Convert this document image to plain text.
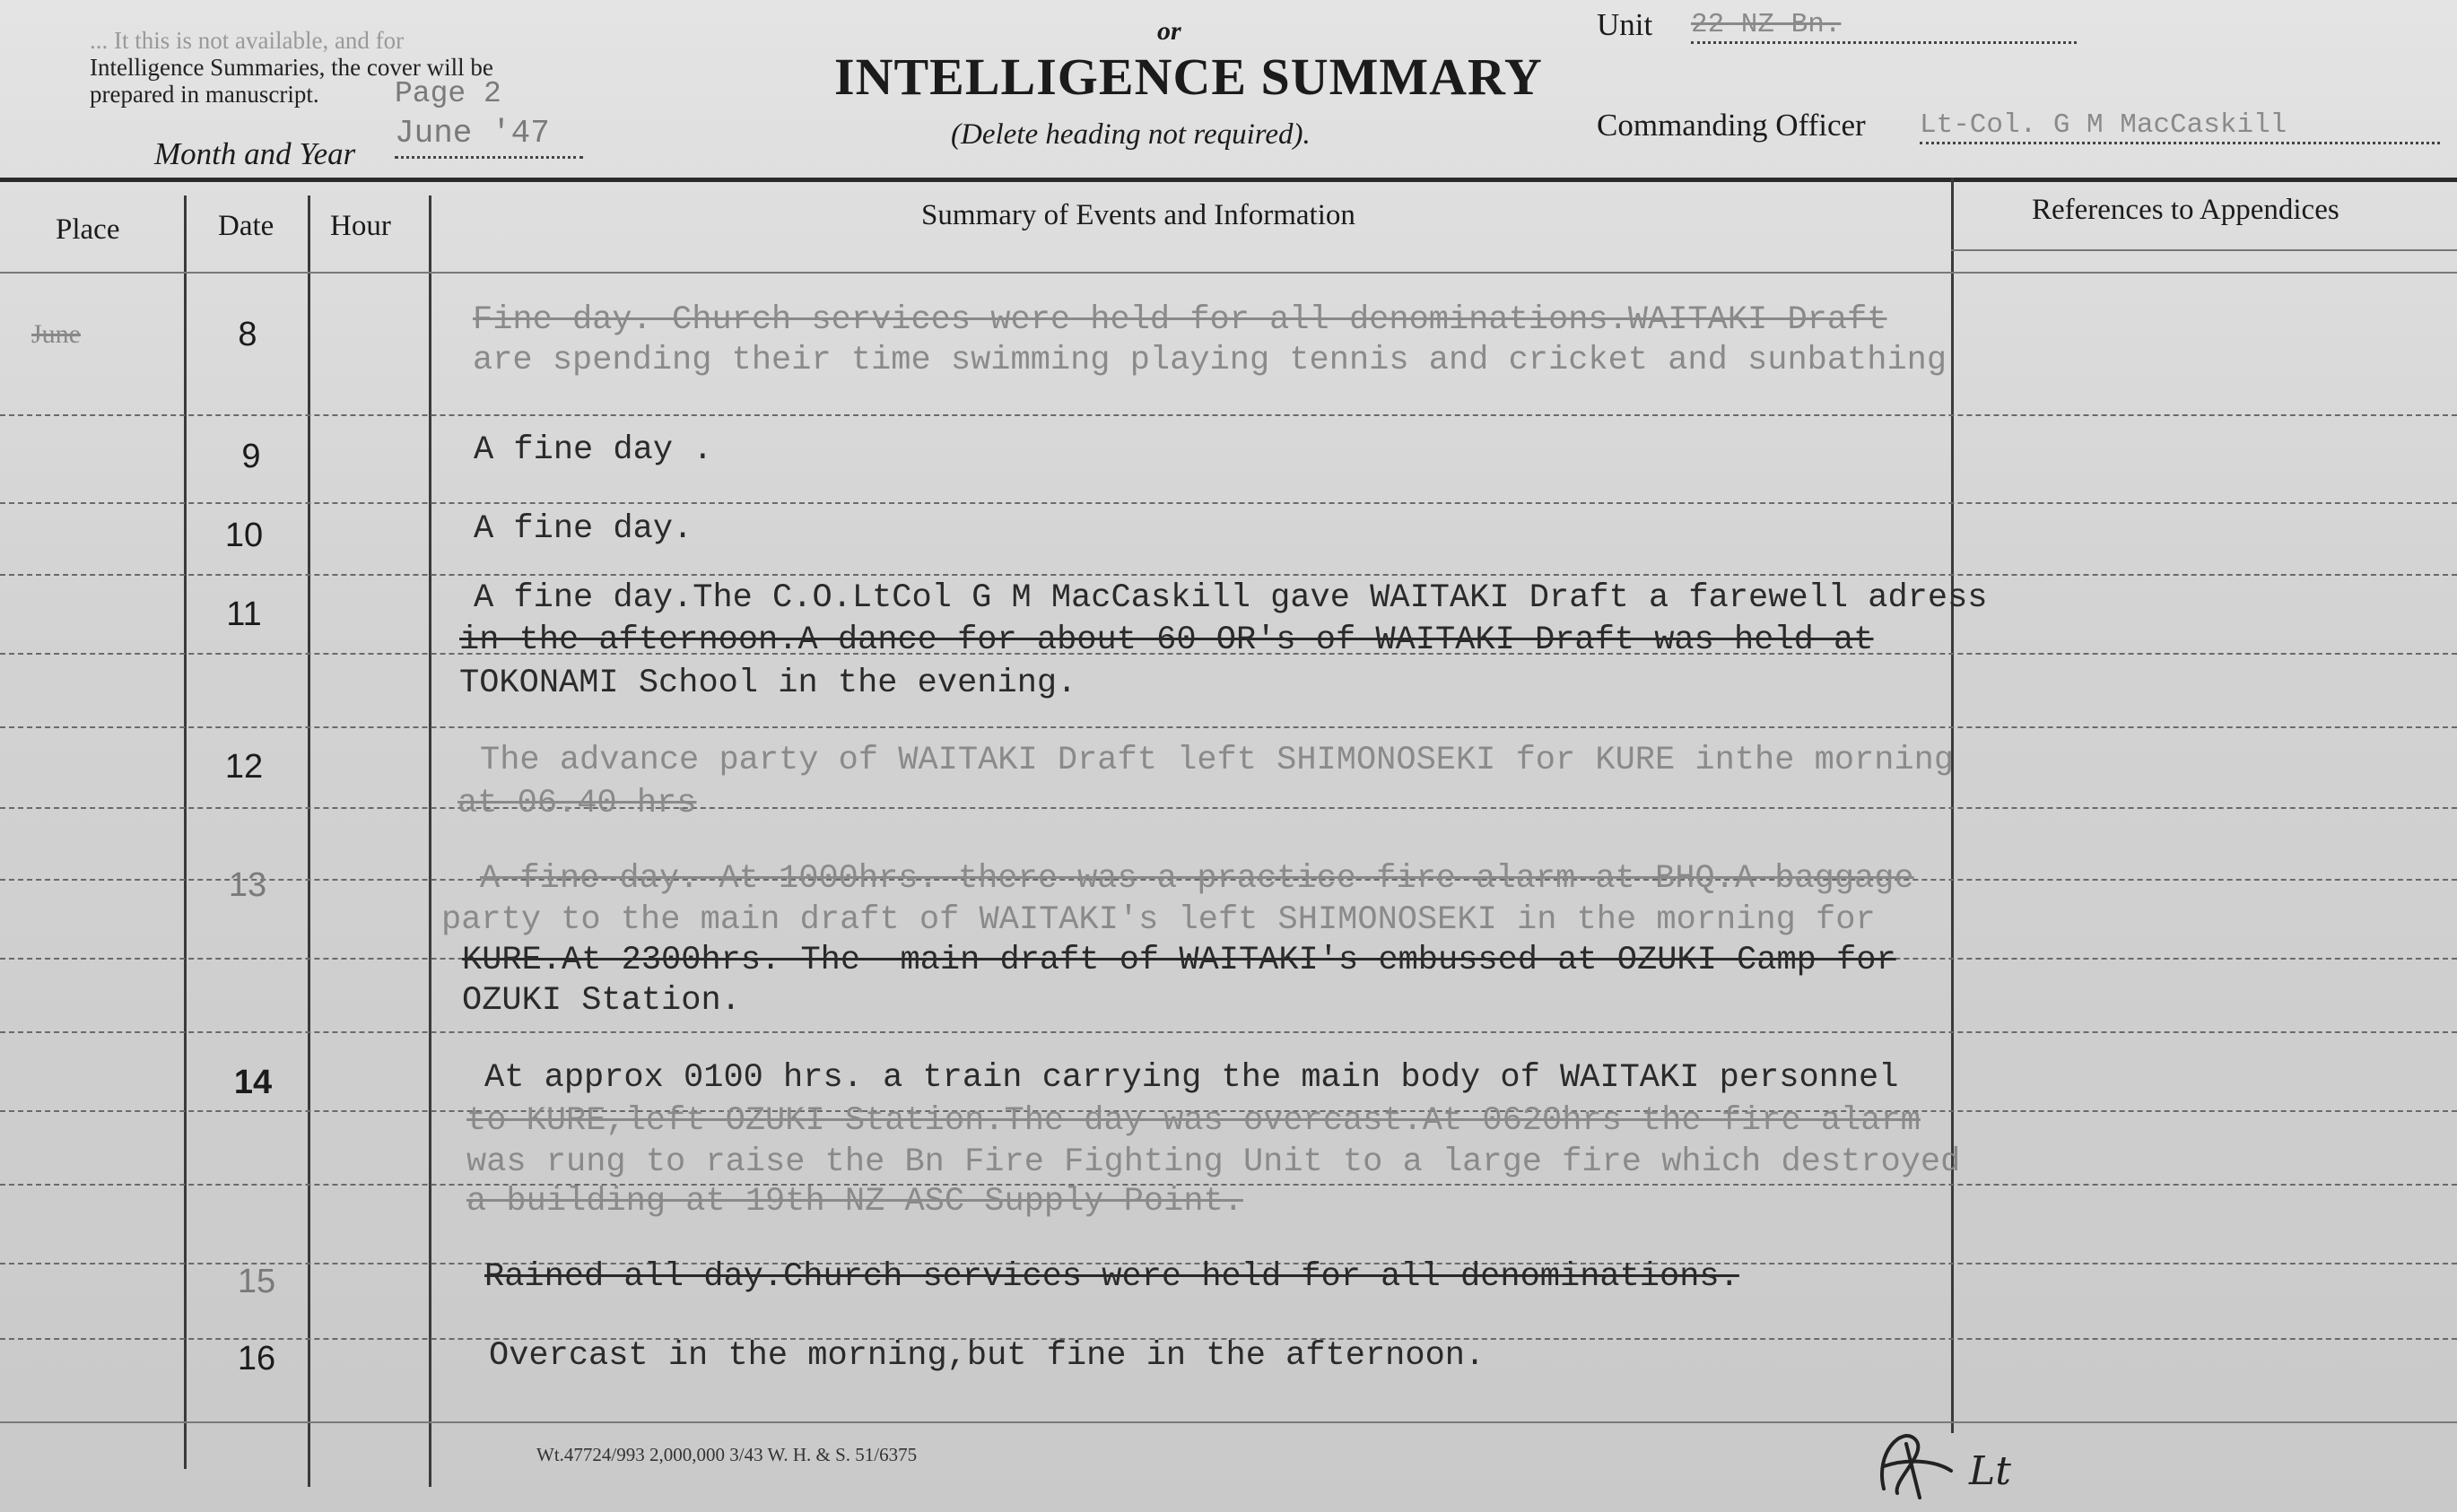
... It this is not available, and for
Intelligence Summaries, the cover will be
prepared in manuscript.	Page 2
or
INTELLIGENCE SUMMARY
(Delete heading not required).
Month and Year
June '47
Unit 22 NZ Bn.
Commanding Officer Lt-Col. G M MacCaskill
Place	Date Hour	Summary of Events and Information	References to Appendices
June	8	Fine day. Church services were held for all denominations.WAITAKI Draft
are spending their time swimming playing tennis and cricket and sunbathing
9	A fine day .
10	A fine day.
11	A fine day.The C.O.LtCol G M MacCaskill gave WAITAKI Draft a farewell adress
in the afternoon.A dance for about 60 OR's of WAITAKI Draft was held at
TOKONAMI School in the evening.
12	The advance party of WAITAKI Draft left SHIMONOSEKI for KURE inthe morning
at 06.40 hrs
13	A fine day. At 1000hrs. there was a practice fire alarm at BHQ.A baggage
party to the main draft of WAITAKI's left SHIMONOSEKI in the morning for
KURE.At 2300hrs. The  main draft of WAITAKI's embussed at OZUKI Camp for
OZUKI Station.
14	At approx 0100 hrs. a train carrying the main body of WAITAKI personnel
to KURE,left OZUKI Station.The day was overcast.At 0620hrs the fire alarm
was rung to raise the Bn Fire Fighting Unit to a large fire which destroyed
a building at 19th NZ ASC Supply Point.
15	Rained all day.Church services were held for all denominations.
16	Overcast in the morning,but fine in the afternoon.
Wt.47724/993 2,000,000 3/43 W. H. & S. 51/6375	Lt
